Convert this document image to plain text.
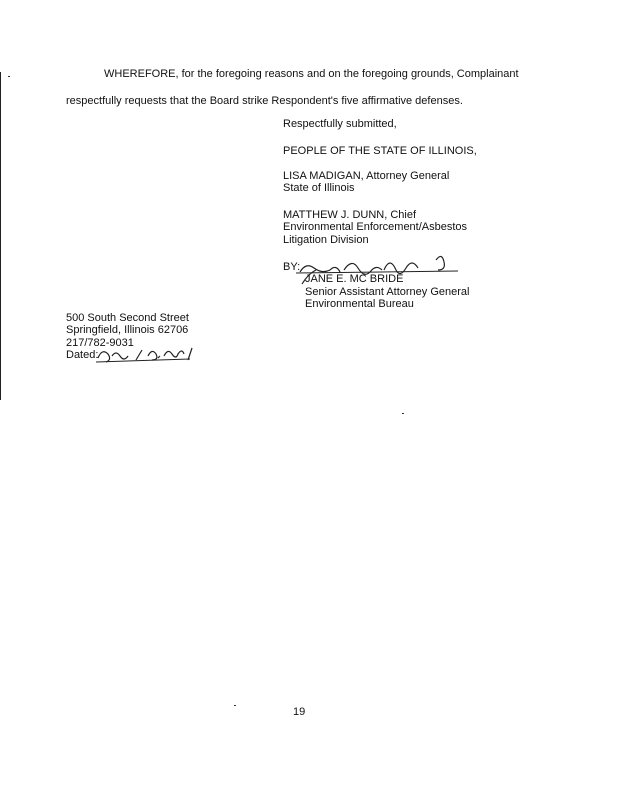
WHEREFORE, for the foregoing reasons and on the foregoing grounds, Complainant
respectfully requests that the Board strike Respondent's five affirmative defenses.
Respectfully submitted,
PEOPLE OF THE STATE OF ILLINOIS,
LISA MADIGAN, Attorney General
State of Illinois
MATTHEW J. DUNN, Chief
Environmental Enforcement/Asbestos
Litigation Division
BY:
JANE E. MC BRIDE
Senior Assistant Attorney General
Environmental Bureau
500 South Second Street
Springfield, Illinois 62706
217/782-9031
Dated:
19
